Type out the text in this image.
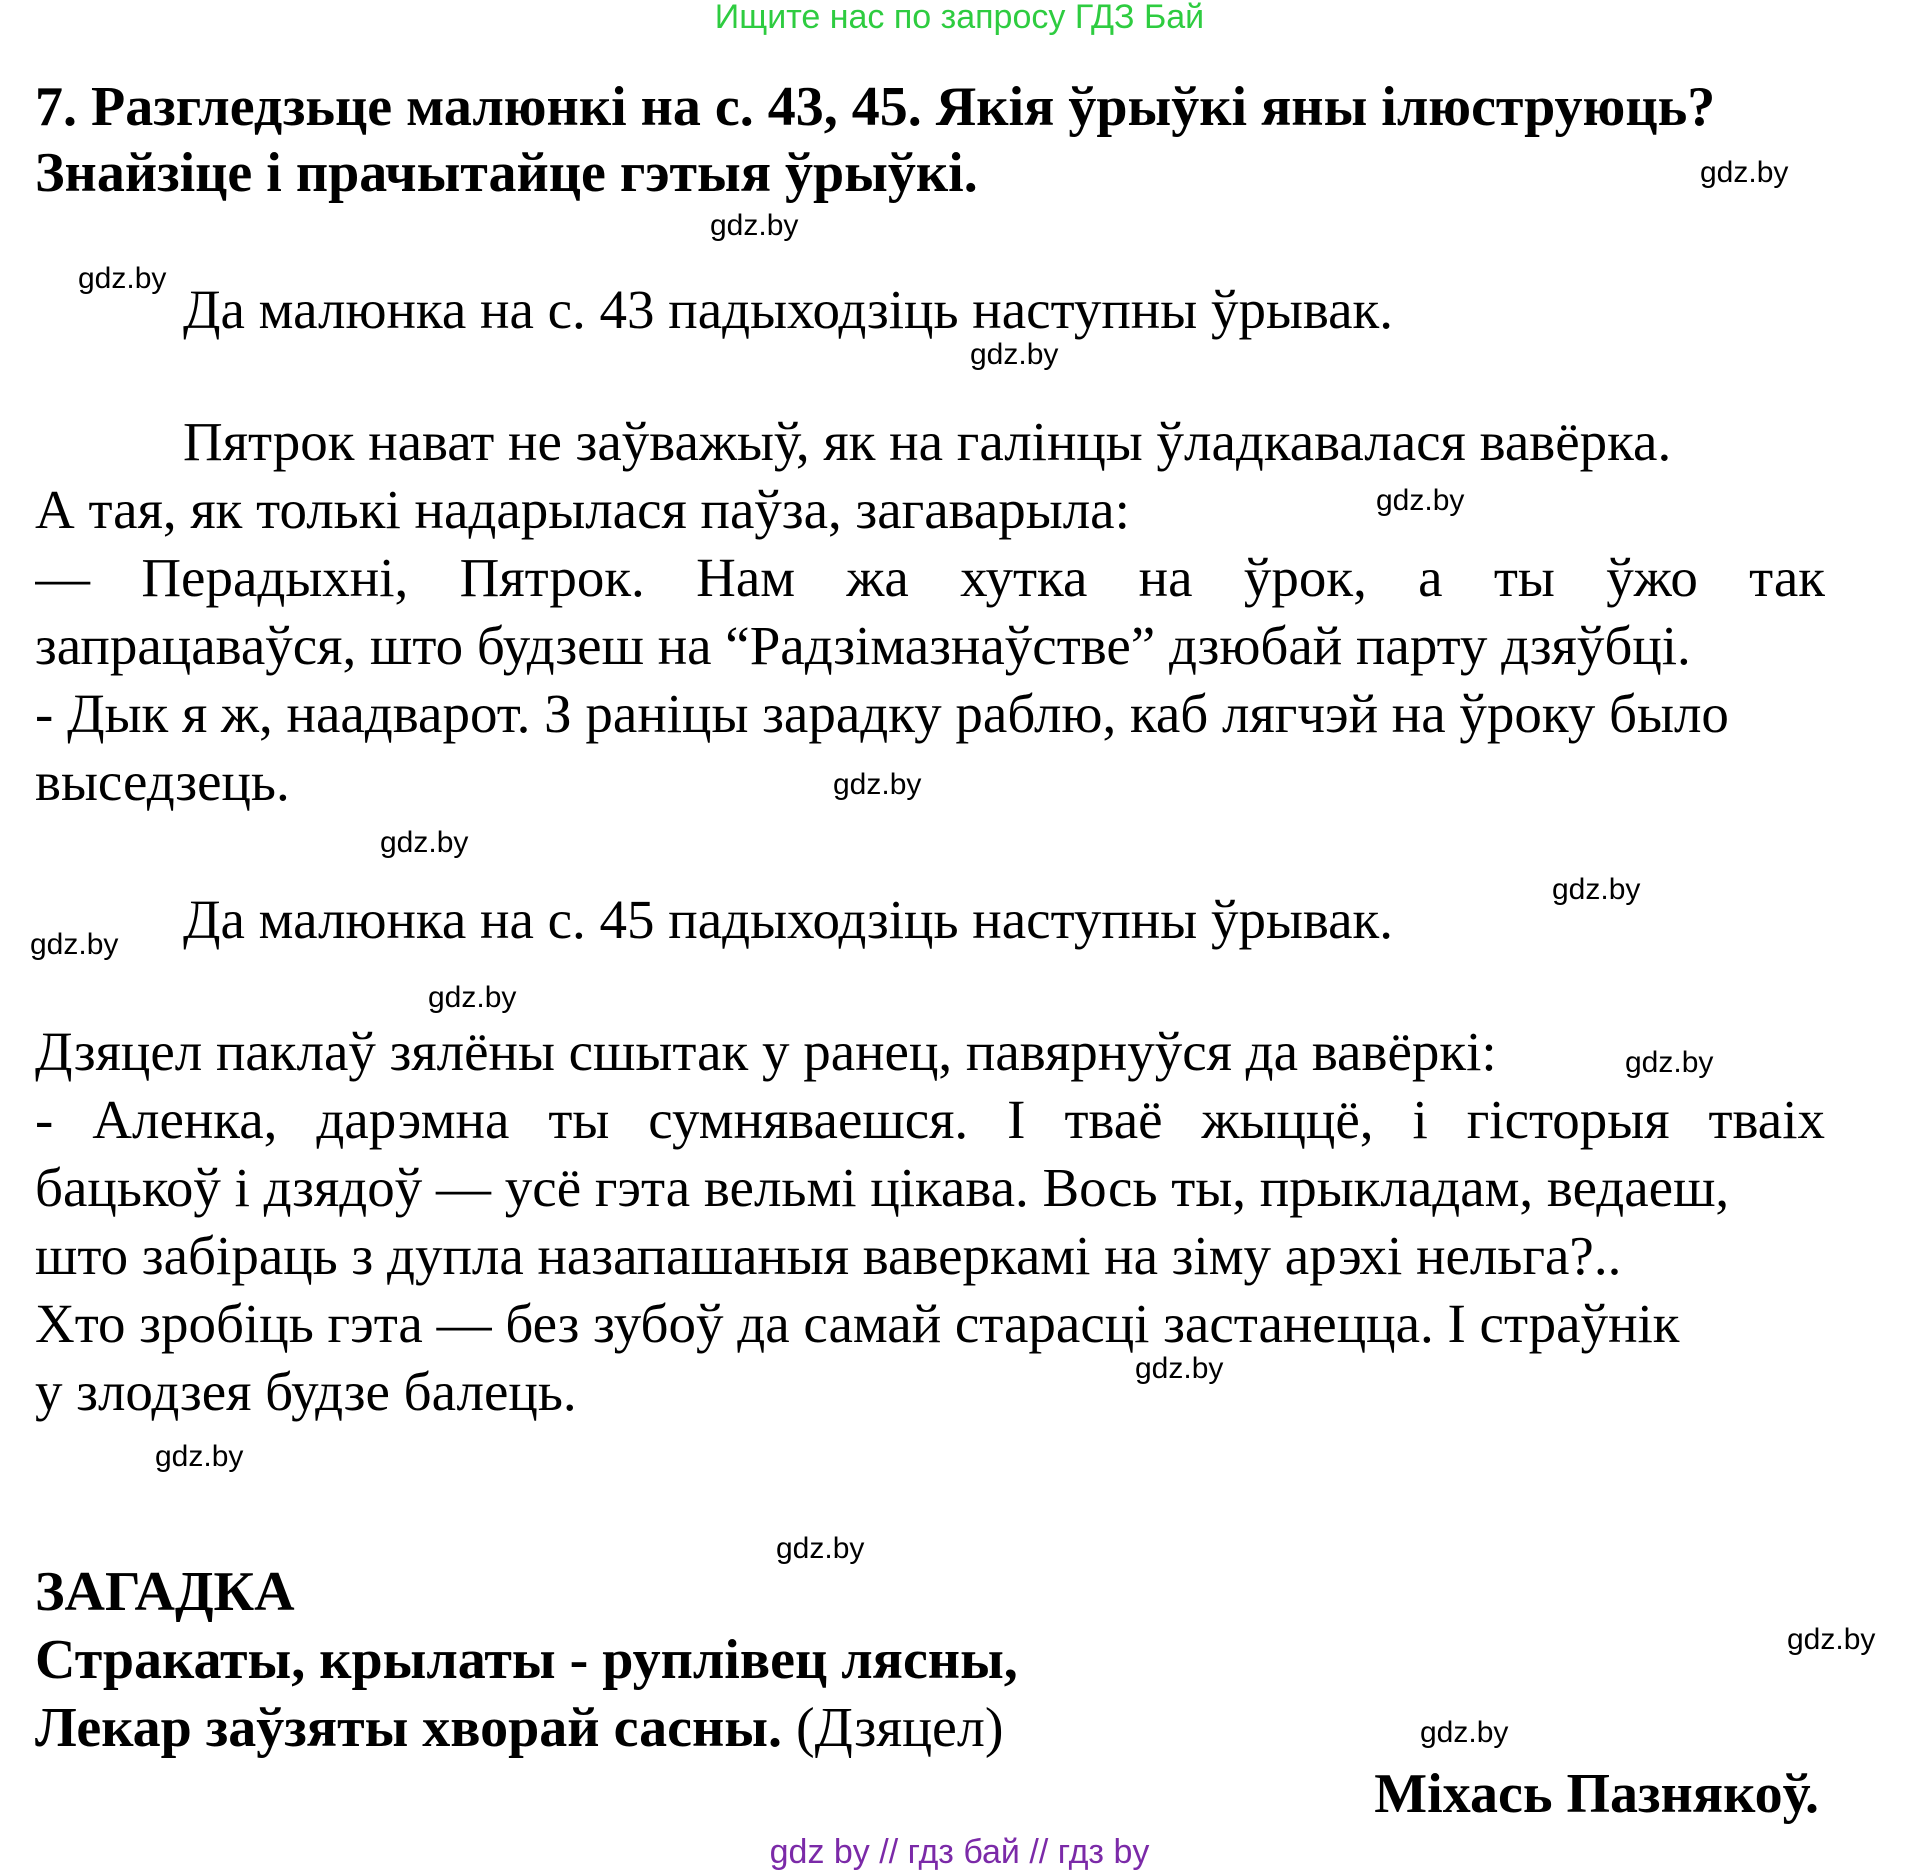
Ищите нас по запросу ГДЗ Бай
7. Разгледзьце малюнкі на с. 43, 45. Якія ўрыўкі яны ілюструюць?
Знайзіце і прачытайце гэтыя ўрыўкі.
Да малюнка на с. 43 падыходзіць наступны ўрывак.
Пятрок нават не заўважыў, як на галінцы ўладкавалася вавёрка.
А тая, як толькі надарылася паўза, загаварыла:
— Перадыхні, Пятрок. Нам жа хутка на ўрок, а ты ўжо так
запрацаваўся, што будзеш на “Радзімазнаўстве” дзюбай парту дзяўбці.
- Дык я ж, наадварот. З раніцы зарадку раблю, каб лягчэй на ўроку было
выседзець.
Да малюнка на с. 45 падыходзіць наступны ўрывак.
Дзяцел паклаў зялёны сшытак у ранец, павярнуўся да вавёркі:
- Аленка, дарэмна ты сумняваешся. І тваё жыццё, і гісторыя тваіх
бацькоў і дзядоў — усё гэта вельмі цікава. Вось ты, прыкладам, ведаеш,
што забіраць з дупла назапашаныя ваверкамі на зіму арэхі нельга?..
Хто зробіць гэта — без зубоў да самай старасці застанецца. І страўнік
у злодзея будзе балець.
ЗАГАДКА
Стракаты, крылаты - руплівец лясны,
Лекар заўзяты хворай сасны. (Дзяцел)
Міхась Пазнякоў.
gdz.by
gdz.by
gdz.by
gdz.by
gdz.by
gdz.by
gdz.by
gdz.by
gdz.by
gdz.by
gdz.by
gdz.by
gdz.by
gdz.by
gdz.by
gdz.by
gdz by // гдз бай // гдз by
